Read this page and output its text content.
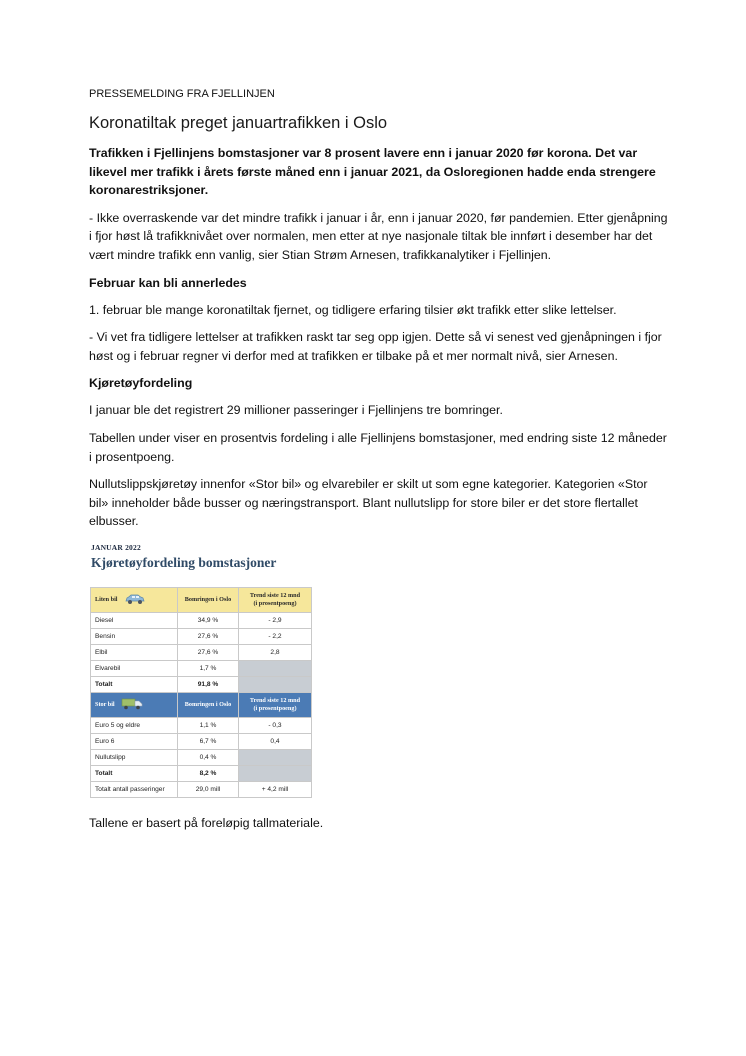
PRESSEMELDING FRA FJELLINJEN
Koronatiltak preget januartrafikken i Oslo

Trafikken i Fjellinjens bomstasjoner var 8 prosent lavere enn i januar 2020 før korona. Det var likevel mer trafikk i årets første måned enn i januar 2021, da Osloregionen hadde enda strengere koronarestriksjoner.

- Ikke overraskende var det mindre trafikk i januar i år, enn i januar 2020, før pandemien. Etter gjenåpning i fjor høst lå trafikknivået over normalen, men etter at nye nasjonale tiltak ble innført i desember har det vært mindre trafikk enn vanlig, sier Stian Strøm Arnesen, trafikkanalytiker i Fjellinjen.

Februar kan bli annerledes

1. februar ble mange koronatiltak fjernet, og tidligere erfaring tilsier økt trafikk etter slike lettelser.

- Vi vet fra tidligere lettelser at trafikken raskt tar seg opp igjen. Dette så vi senest ved gjenåpningen i fjor høst og i februar regner vi derfor med at trafikken er tilbake på et mer normalt nivå, sier Arnesen.

Kjøretøyfordeling

I januar ble det registrert 29 millioner passeringer i Fjellinjens tre bomringer.

Tabellen under viser en prosentvis fordeling i alle Fjellinjens bomstasjoner, med endring siste 12 måneder i prosentpoeng.

Nullutslippskjøretøy innenfor «Stor bil» og elvarebiler er skilt ut som egne kategorier. Kategorien «Stor bil» inneholder både busser og næringstransport. Blant nullutslipp for store biler er det store flertallet elbusser.

JANUAR 2022
Kjøretøyfordeling bomstasjoner
Liten bil	Bomringen i Oslo	Trend siste 12 mnd
(i prosentpoeng)

Diesel	34,9 %	- 2,9
Bensin	27,6 %	- 2,2
Elbil	27,6 %	2,8
Elvarebil	1,7 %	
Totalt	91,8 %	

Stor bil	Bomringen i Oslo	Trend siste 12 mnd
(i prosentpoeng)

Euro 5 og eldre	1,1 %	- 0,3
Euro 6	6,7 %	0,4
Nullutslipp	0,4 %	
Totalt	8,2 %	
Totalt antall passeringer	29,0 mill	+ 4,2 mill

Tallene er basert på foreløpig tallmateriale.
